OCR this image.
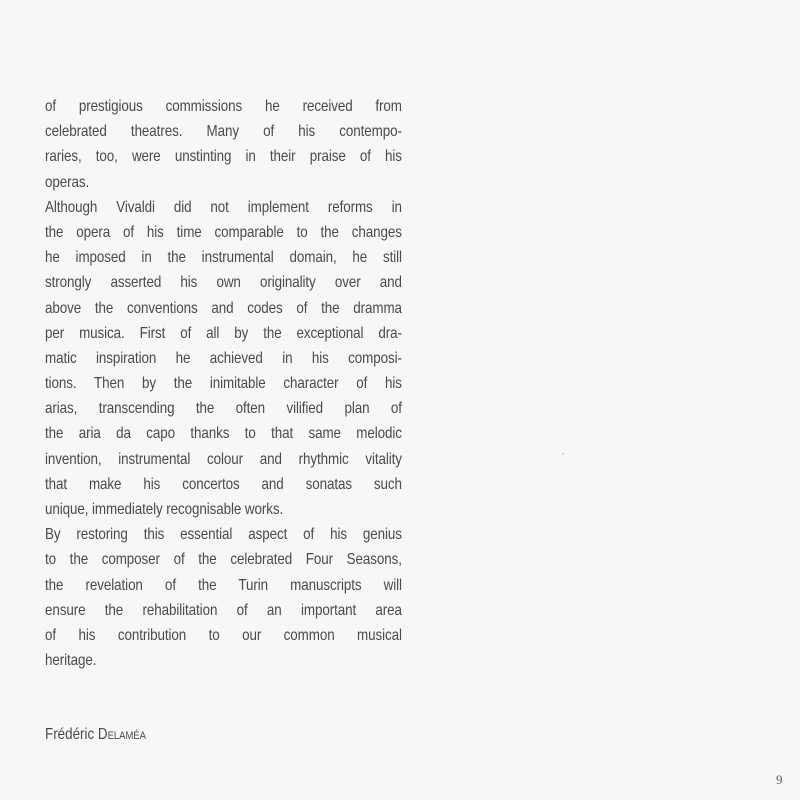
of prestigious commissions he received from
celebrated theatres. Many of his contempo-
raries, too, were unstinting in their praise of his
operas.
Although Vivaldi did not implement reforms in
the opera of his time comparable to the changes
he imposed in the instrumental domain, he still
strongly asserted his own originality over and
above the conventions and codes of the dramma
per musica. First of all by the exceptional dra-
matic inspiration he achieved in his composi-
tions. Then by the inimitable character of his
arias, transcending the often vilified plan of
the aria da capo thanks to that same melodic
invention, instrumental colour and rhythmic vitality
that make his concertos and sonatas such
unique, immediately recognisable works.
By restoring this essential aspect of his genius
to the composer of the celebrated Four Seasons,
the revelation of the Turin manuscripts will
ensure the rehabilitation of an important area
of his contribution to our common musical
heritage.
Frédéric Delaméa
9
